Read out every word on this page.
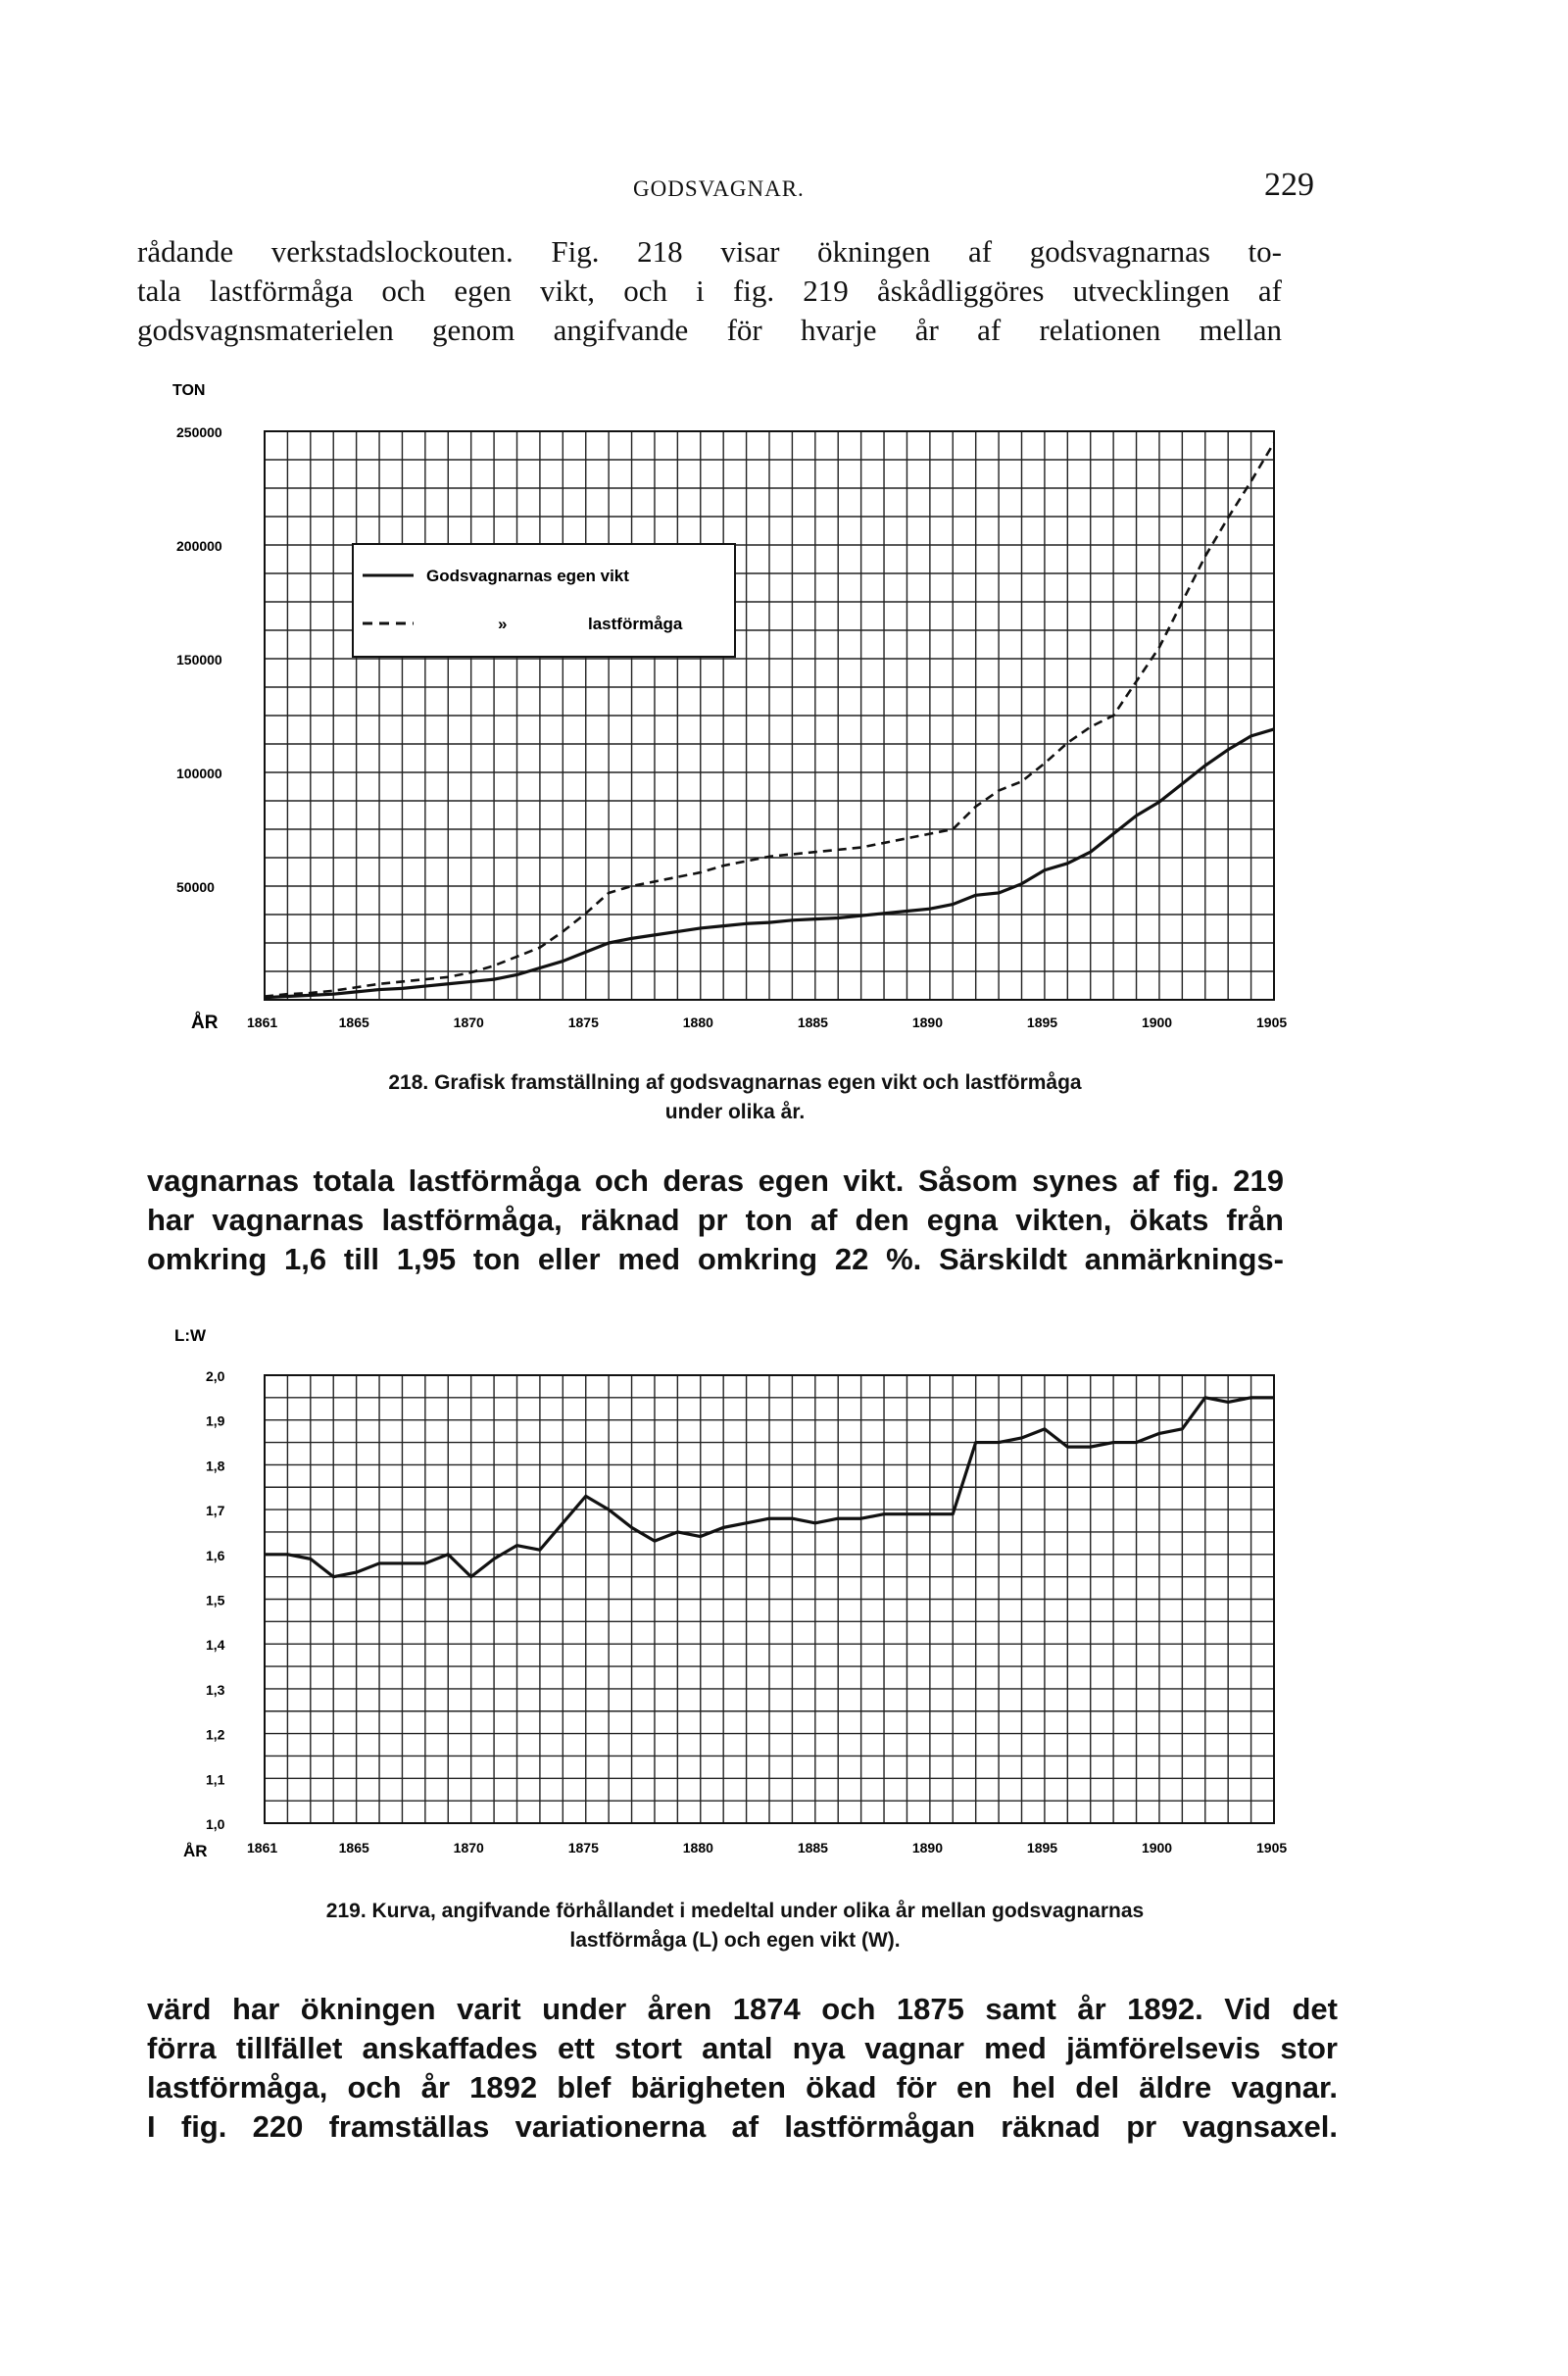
GODSVAGNAR.	229
rådande verkstadslockouten. Fig. 218 visar ökningen af godsvagnarnas to-
tala lastförmåga och egen vikt, och i fig. 219 åskådliggöres utvecklingen af
godsvagnsmaterielen genom angifvande för hvarje år af relationen mellan
Godsvagnarnas egen vikt
»	lastförmåga
TON
ÅR 1861	1865	1870	1875	1880	1885	1890	1895	1900	1905
250000
200000
150000
100000
50000
218. Grafisk framställning af godsvagnarnas egen vikt och lastförmåga
under olika år.
vagnarnas totala lastförmåga och deras egen vikt. Såsom synes af fig. 219
har vagnarnas lastförmåga, räknad pr ton af den egna vikten, ökats från
omkring 1,6 till 1,95 ton eller med omkring 22 %. Särskildt anmärknings-
L:W
ÅR	1861	1865	1870	1875	1880	1885	1890	1895	1900	1905
2,0
1,9
1,8
1,7
1,6
1,5
1,4
1,3
1,2
1,1
1,0
219. Kurva, angifvande förhållandet i medeltal under olika år mellan godsvagnarnas
lastförmåga (L) och egen vikt (W).
värd har ökningen varit under åren 1874 och 1875 samt år 1892. Vid det
förra tillfället anskaffades ett stort antal nya vagnar med jämförelsevis stor
lastförmåga, och år 1892 blef bärigheten ökad för en hel del äldre vagnar.
I fig. 220 framställas variationerna af lastförmågan räknad pr vagnsaxel.
